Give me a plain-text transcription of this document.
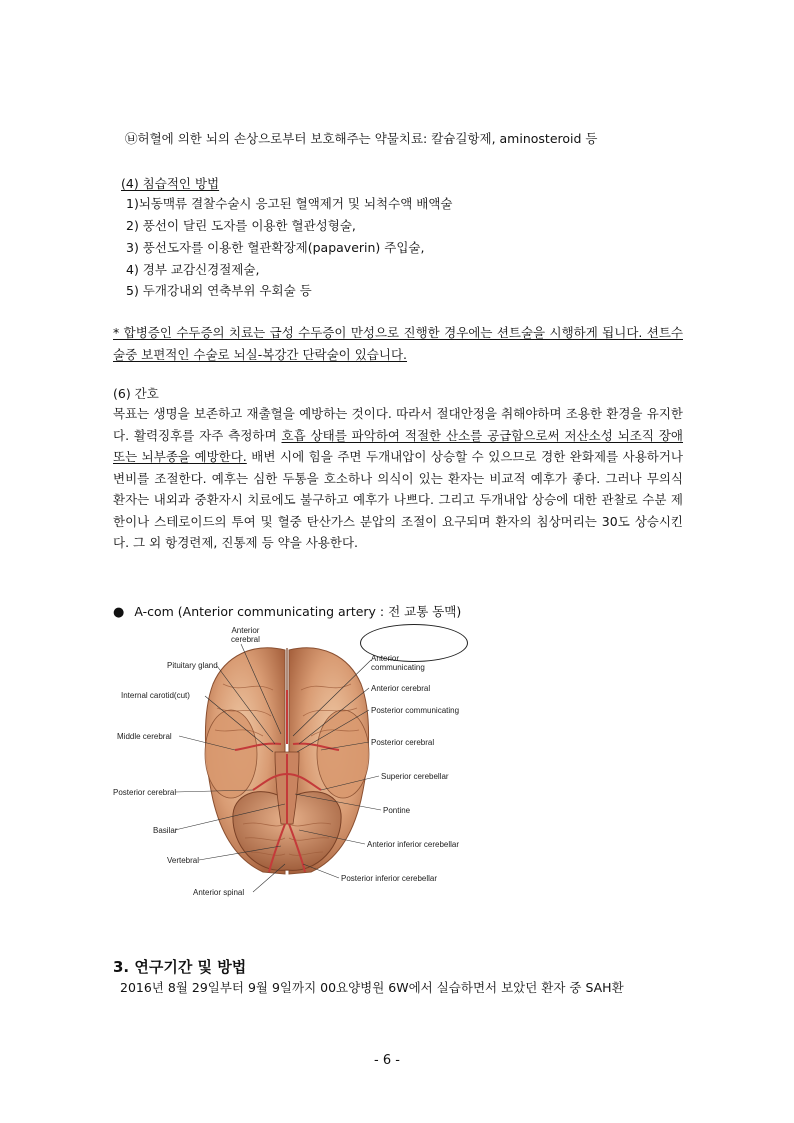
㉥허혈에 의한 뇌의 손상으로부터 보호해주는 약물치료: 칼슘길항제, aminosteroid 등
(4) 침습적인 방법
1)뇌동맥류 결찰수술시 응고된 혈액제거 및 뇌척수액 배액술
2) 풍선이 달린 도자를 이용한 혈관성형술,
3) 풍선도자를 이용한 혈관확장제(papaverin) 주입술,
4) 경부 교감신경절제술,
5) 두개강내외 연축부위 우회술 등
* 합병증인 수두증의 치료는 급성 수두증이 만성으로 진행한 경우에는 션트술을 시행하게 됩니다. 션트수술중 보편적인 수술로 뇌실-복강간 단락술이 있습니다.
(6) 간호
목표는 생명을 보존하고 재출혈을 예방하는 것이다. 따라서 절대안정을 취해야하며 조용한 환경을 유지한다. 활력징후를 자주 측정하며 호흡 상태를 파악하여 적절한 산소를 공급함으로써 저산소성 뇌조직 장애 또는 뇌부종을 예방한다. 배변 시에 힘을 주면 두개내압이 상승할 수 있으므로 경한 완화제를 사용하거나 변비를 조절한다. 예후는 심한 두통을 호소하나 의식이 있는 환자는 비교적 예후가 좋다. 그러나 무의식 환자는 내외과 중환자시 치료에도 불구하고 예후가 나쁘다. 그리고 두개내압 상승에 대한 관찰로 수분 제한이나 스테로이드의 투여 및 혈중 탄산가스 분압의 조절이 요구되며 환자의 침상머리는 30도 상승시킨다. 그 외 항경련제, 진통제 등 약을 사용한다.
● A-com (Anterior communicating artery : 전 교통 동맥)
Anterior
cerebral
Pituitary gland
Internal carotid(cut)
Middle cerebral
Posterior cerebral
Basilar
Vertebral
Anterior spinal
Anterior
communicating
Anterior cerebral
Posterior communicating
Posterior cerebral
Superior cerebellar
Pontine
Anterior inferior cerebellar
Posterior inferior cerebellar
3. 연구기간 및 방법
2016년 8월 29일부터 9월 9일까지 00요양병원 6W에서 실습하면서 보았던 환자 중 SAH환
- 6 -
